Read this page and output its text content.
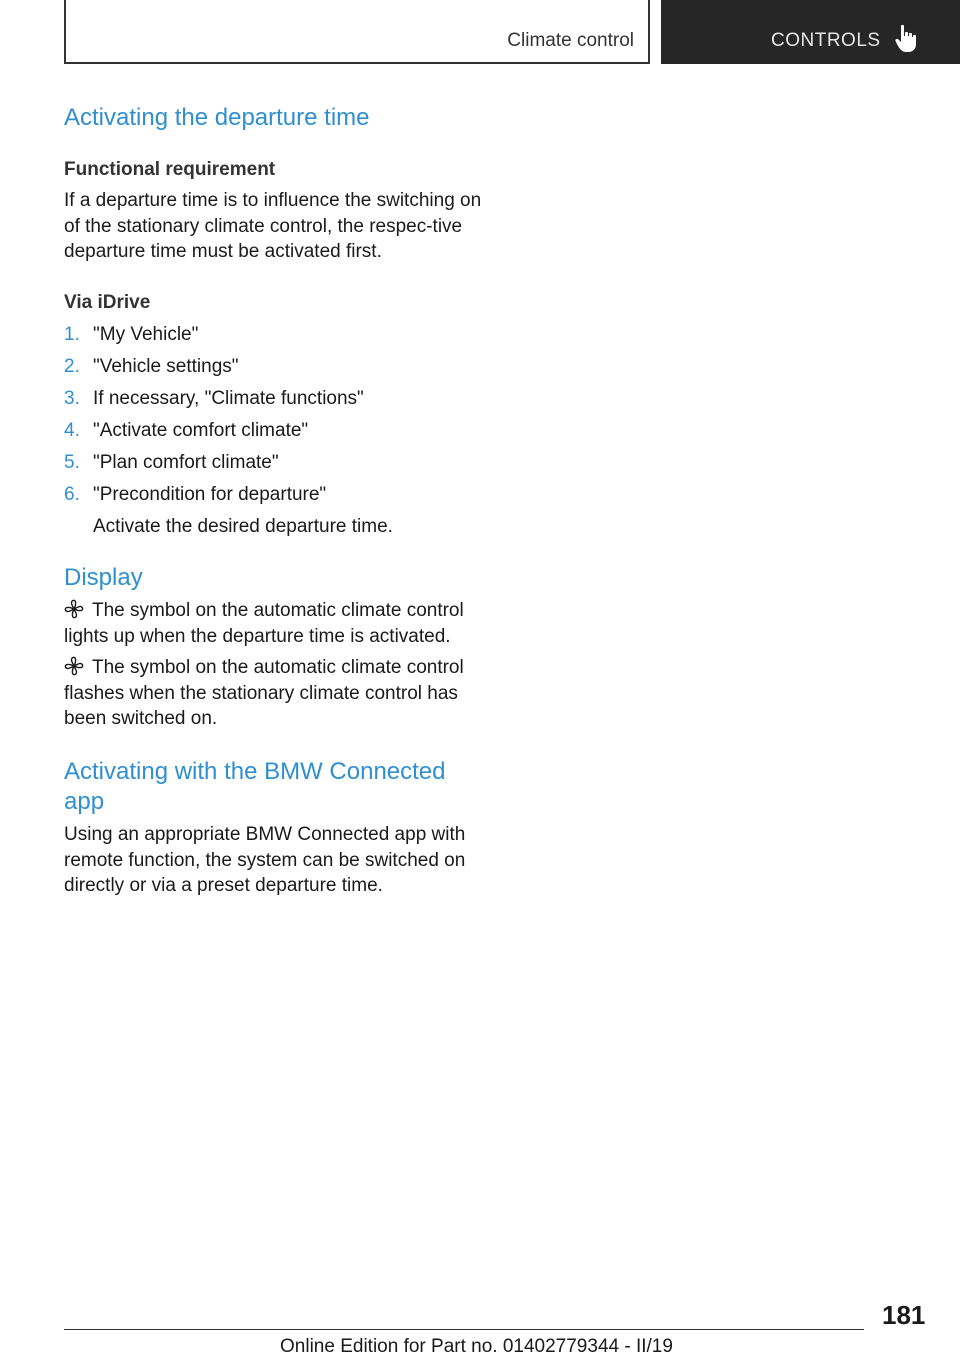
Climate control	CONTROLS
Activating the departure time
Functional requirement

If a departure time is to influence the switching on of the stationary climate control, the respec‐tive departure time must be activated first.

Via iDrive
1. "My Vehicle"
2. "Vehicle settings"
3. If necessary, "Climate functions"
4. "Activate comfort climate"
5. "Plan comfort climate"
6. "Precondition for departure"
Activate the desired departure time.
Display

The symbol on the automatic climate control lights up when the departure time is activated.

The symbol on the automatic climate control flashes when the stationary climate control has been switched on.

Activating with the BMW Connected
app

Using an appropriate BMW Connected app with remote function, the system can be switched on directly or via a preset departure time.

181
Online Edition for Part no. 01402779344 - II/19
